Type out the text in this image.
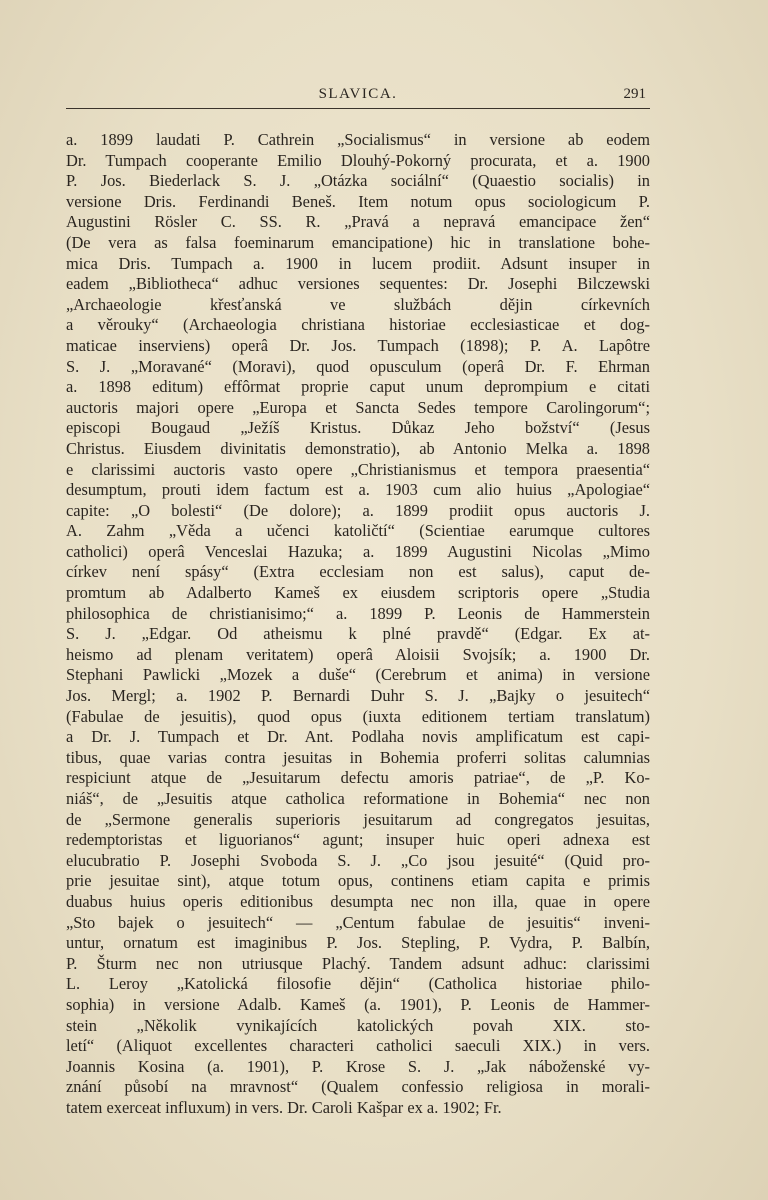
SLAVICA.	291
a. 1899 laudati P. Cathrein „Socialismus“ in versione ab eodem
Dr. Tumpach cooperante Emilio Dlouhý-Pokorný procurata, et a. 1900
P. Jos. Biederlack S. J. „Otázka sociální“ (Quaestio socialis) in
versione Dris. Ferdinandi Beneš. Item notum opus sociologicum P.
Augustini Rösler C. SS. R. „Pravá a nepravá emancipace žen“
(De vera as falsa foeminarum emancipatione) hic in translatione bohe-
mica Dris. Tumpach a. 1900 in lucem prodiit. Adsunt insuper in
eadem „Bibliotheca“ adhuc versiones sequentes: Dr. Josephi Bilczewski
„Archaeologie křesťanská ve službách dějin církevních
a věrouky“ (Archaeologia christiana historiae ecclesiasticae et dog-
maticae inserviens) operâ Dr. Jos. Tumpach (1898); P. A. Lapôtre
S. J. „Moravané“ (Moravi), quod opusculum (operâ Dr. F. Ehrman
a. 1898 editum) effôrmat proprie caput unum deprompium e citati
auctoris majori opere „Europa et Sancta Sedes tempore Carolingorum“;
episcopi Bougaud „Ježíš Kristus. Důkaz Jeho božství“ (Jesus
Christus. Eiusdem divinitatis demonstratio), ab Antonio Melka a. 1898
e clarissimi auctoris vasto opere „Christianismus et tempora praesentia“
desumptum, prouti idem factum est a. 1903 cum alio huius „Apologiae“
capite: „O bolesti“ (De dolore); a. 1899 prodiit opus auctoris J.
A. Zahm „Věda a učenci katoličtí“ (Scientiae earumque cultores
catholici) operâ Venceslai Hazuka; a. 1899 Augustini Nicolas „Mimo
církev není spásy“ (Extra ecclesiam non est salus), caput de-
promtum ab Adalberto Kameš ex eiusdem scriptoris opere „Studia
philosophica de christianisimo;“ a. 1899 P. Leonis de Hammerstein
S. J. „Edgar. Od atheismu k plné pravdě“ (Edgar. Ex at-
heismo ad plenam veritatem) operâ Aloisii Svojsík; a. 1900 Dr.
Stephani Pawlicki „Mozek a duše“ (Cerebrum et anima) in versione
Jos. Mergl; a. 1902 P. Bernardi Duhr S. J. „Bajky o jesuitech“
(Fabulae de jesuitis), quod opus (iuxta editionem tertiam translatum)
a Dr. J. Tumpach et Dr. Ant. Podlaha novis amplificatum est capi-
tibus, quae varias contra jesuitas in Bohemia proferri solitas calumnias
respiciunt atque de „Jesuitarum defectu amoris patriae“, de „P. Ko-
niáš“, de „Jesuitis atque catholica reformatione in Bohemia“ nec non
de „Sermone generalis superioris jesuitarum ad congregatos jesuitas,
redemptoristas et liguorianos“ agunt; insuper huic operi adnexa est
elucubratio P. Josephi Svoboda S. J. „Co jsou jesuité“ (Quid pro-
prie jesuitae sint), atque totum opus, continens etiam capita e primis
duabus huius operis editionibus desumpta nec non illa, quae in opere
„Sto bajek o jesuitech“ — „Centum fabulae de jesuitis“ inveni-
untur, ornatum est imaginibus P. Jos. Stepling, P. Vydra, P. Balbín,
P. Šturm nec non utriusque Plachý. Tandem adsunt adhuc: clarissimi
L. Leroy „Katolická filosofie dějin“ (Catholica historiae philo-
sophia) in versione Adalb. Kameš (a. 1901), P. Leonis de Hammer-
stein „Několik vynikajících katolických povah XIX. sto-
letí“ (Aliquot excellentes characteri catholici saeculi XIX.) in vers.
Joannis Kosina (a. 1901), P. Krose S. J. „Jak náboženské vy-
znání působí na mravnost“ (Qualem confessio religiosa in morali-
tatem exerceat influxum) in vers. Dr. Caroli Kašpar ex a. 1902; Fr.
